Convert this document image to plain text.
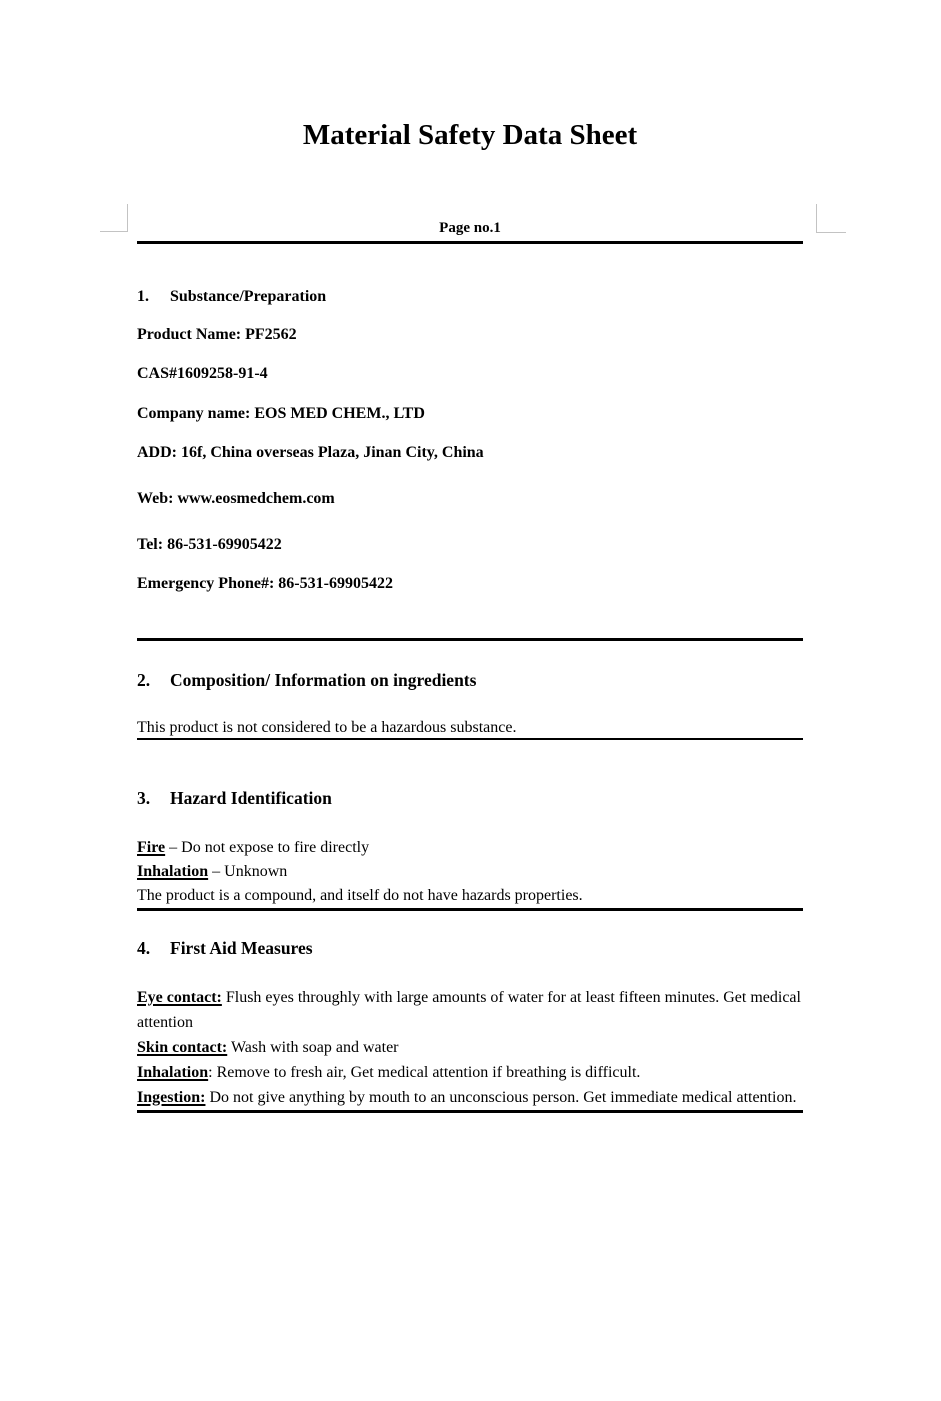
Material Safety Data Sheet
Page no.1
1. Substance/Preparation

Product Name: PF2562

CAS#1609258-91-4

Company name: EOS MED CHEM., LTD

ADD: 16f, China overseas Plaza, Jinan City, China

Web: www.eosmedchem.com

Tel: 86-531-69905422

Emergency Phone#: 86-531-69905422

2. Composition/ Information on ingredients

This product is not considered to be a hazardous substance.

3. Hazard Identification
Fire – Do not expose to fire directly
Inhalation – Unknown
The product is a compound, and itself do not have hazards properties.
4. First Aid Measures
Eye contact: Flush eyes throughly with large amounts of water for at least fifteen minutes. Get medical attention
Skin contact: Wash with soap and water
Inhalation: Remove to fresh air, Get medical attention if breathing is difficult.
Ingestion: Do not give anything by mouth to an unconscious person. Get immediate medical attention.
